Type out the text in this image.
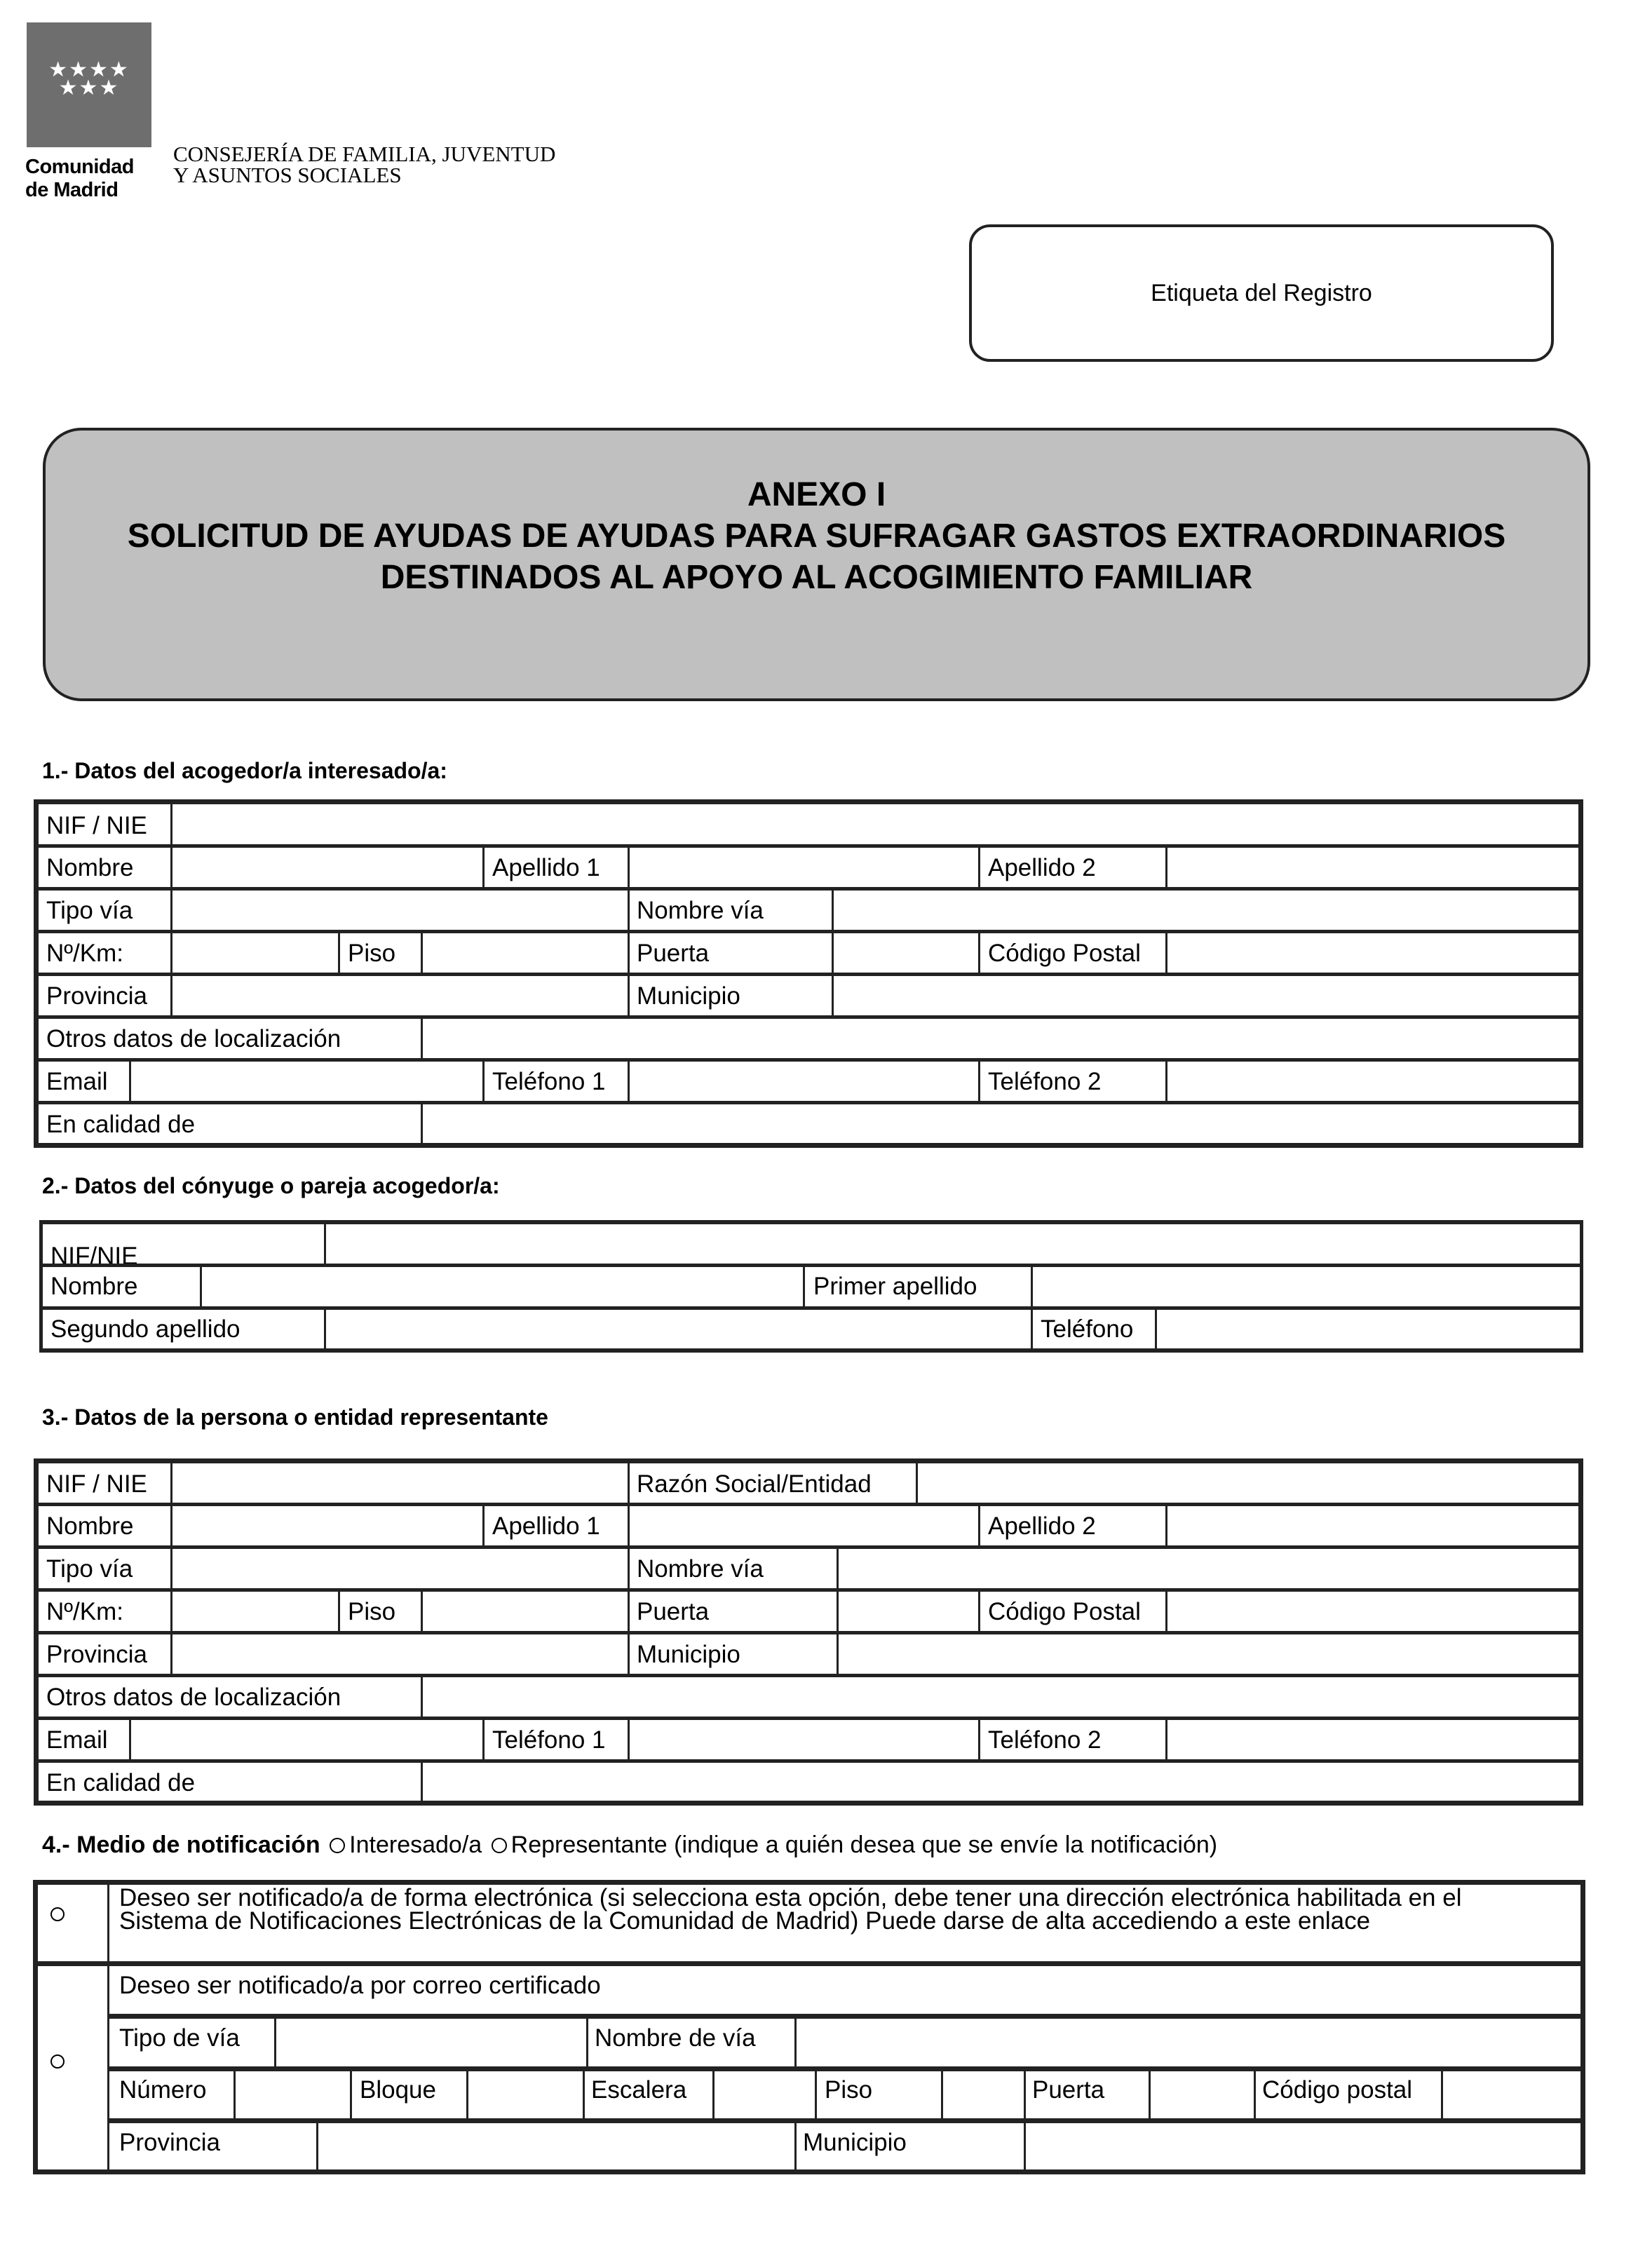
★★★★
★★★
Comunidad
de Madrid
CONSEJERÍA DE FAMILIA, JUVENTUD
Y ASUNTOS SOCIALES
Etiqueta del Registro
ANEXO I
SOLICITUD DE AYUDAS DE AYUDAS PARA SUFRAGAR GASTOS EXTRAORDINARIOS
DESTINADOS AL APOYO AL ACOGIMIENTO FAMILIAR
1.- Datos del acogedor/a interesado/a:
NIF / NIE
Nombre	Apellido 1	Apellido 2
Tipo vía	Nombre vía
Nº/Km:	Piso	Puerta	Código Postal
Provincia	Municipio
Otros datos de localización
Email	Teléfono 1	Teléfono 2
En calidad de
2.- Datos del cónyuge o pareja acogedor/a:
NIF/NIE
Nombre	Primer apellido
Segundo apellido	Teléfono
3.- Datos de la persona o entidad representante
NIF / NIE	Razón Social/Entidad
Nombre	Apellido 1	Apellido 2
Tipo vía	Nombre vía
Nº/Km:	Piso	Puerta	Código Postal
Provincia	Municipio
Otros datos de localización
Email	Teléfono 1	Teléfono 2
En calidad de
4.- Medio de notificación Interesado/a Representante (indique a quién desea que se envíe la notificación)
Deseo ser notificado/a de forma electrónica (si selecciona esta opción, debe tener una dirección electrónica habilitada en el
Sistema de Notificaciones Electrónicas de la Comunidad de Madrid) Puede darse de alta accediendo a este enlace
Deseo ser notificado/a por correo certificado
Tipo de vía	Nombre de vía
Número	Bloque	Escalera	Piso	Puerta	Código postal
Provincia	Municipio
